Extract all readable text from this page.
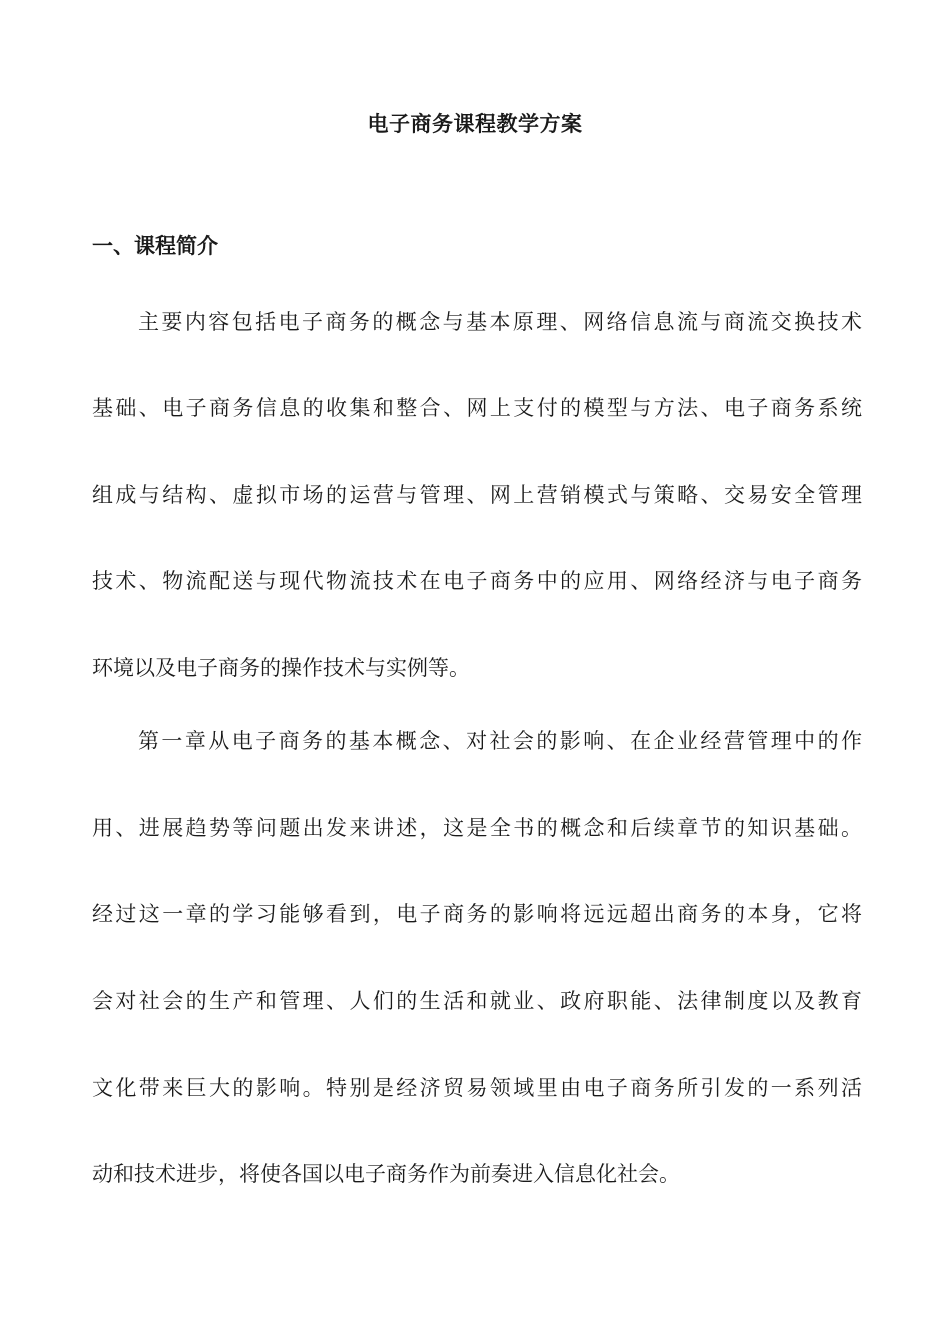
电子商务课程教学方案
一、课程简介

主要内容包括电子商务的概念与基本原理、网络信息流与商流交换技术

基础、电子商务信息的收集和整合、网上支付的模型与方法、电子商务系统

组成与结构、虚拟市场的运营与管理、网上营销模式与策略、交易安全管理

技术、物流配送与现代物流技术在电子商务中的应用、网络经济与电子商务

环境以及电子商务的操作技术与实例等。

第一章从电子商务的基本概念、对社会的影响、在企业经营管理中的作

用、进展趋势等问题出发来讲述，这是全书的概念和后续章节的知识基础。

经过这一章的学习能够看到，电子商务的影响将远远超出商务的本身，它将

会对社会的生产和管理、人们的生活和就业、政府职能、法律制度以及教育

文化带来巨大的影响。特别是经济贸易领域里由电子商务所引发的一系列活

动和技术进步，将使各国以电子商务作为前奏进入信息化社会。
